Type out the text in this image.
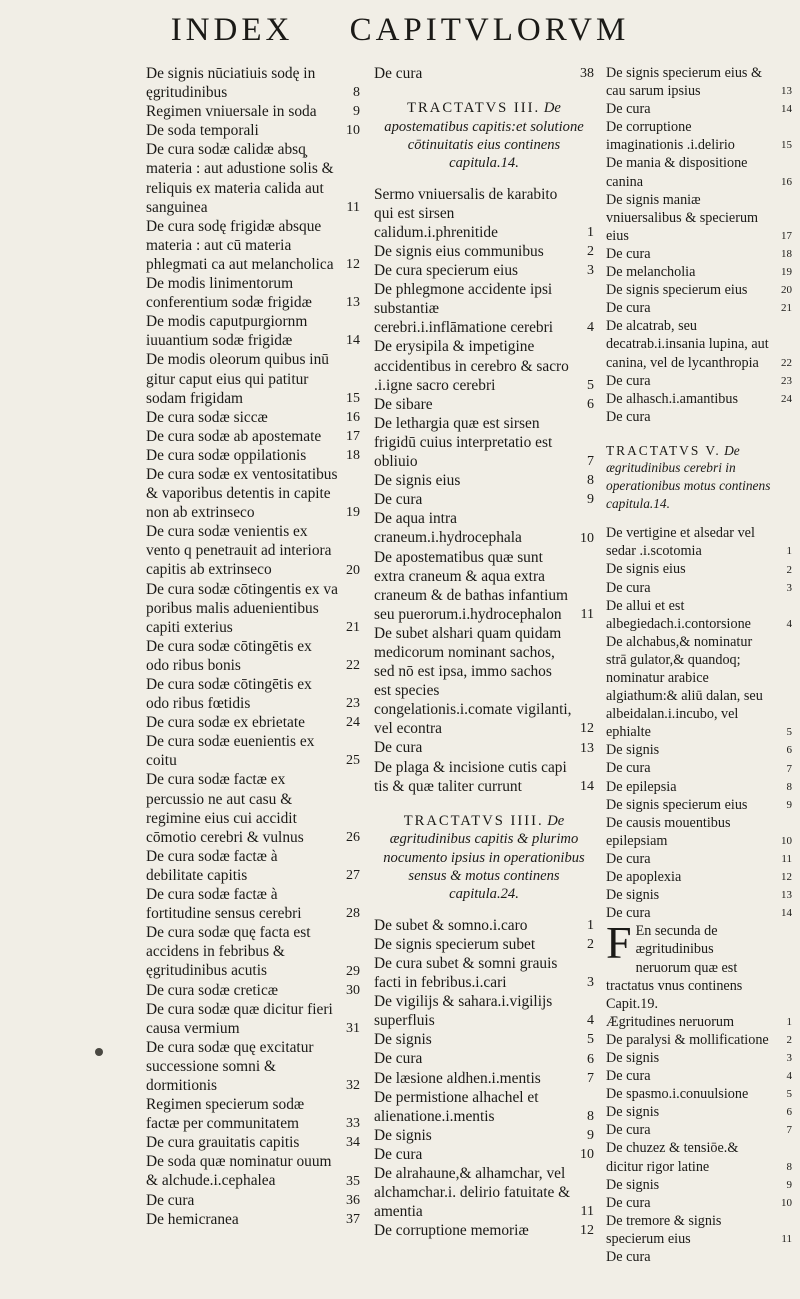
INDEX CAPITVLORVM
De signis nūciatiuis sodę in ęgritudinibus	8
Regimen vniuersale in soda	9
De soda temporali	10
De cura sodæ calidæ absq̧ materia : aut adustione solis & reliquis ex materia calida aut sanguinea	11
De cura sodę frigidæ absque materia : aut cū materia phlegmati ca aut melancholica 12
De modis linimentorum conferentium sodæ frigidæ	13
De modis caputpurgiornm iuuantium sodæ frigidæ	14
De modis oleorum quibus inū gitur caput eius qui patitur sodam frigidam	15
De cura sodæ siccæ	16
De cura sodæ ab apostemate	17
De cura sodæ oppilationis	18
De cura sodæ ex ventositatibus & vaporibus detentis in capite non ab extrinseco	19
De cura sodæ venientis ex vento q penetrauit ad interiora capitis ab extrinseco	20
De cura sodæ cōtingentis ex va poribus malis aduenientibus capiti exterius	21
De cura sodæ cōtingētis ex odo ribus bonis	22
De cura sodæ cōtingētis ex odo ribus fœtidis	23
De cura sodæ ex ebrietate	24
De cura sodæ euenientis ex coitu	25
De cura sodæ factæ ex percussio ne aut casu & regimine eius cui accidit cōmotio cerebri & vulnus	26
De cura sodæ factæ à debilitate capitis	27
De cura sodæ factæ à fortitudine sensus cerebri	28
De cura sodæ quę facta est accidens in febribus & ęgritudinibus acutis	29
De cura sodæ creticæ	30
De cura sodæ quæ dicitur fieri causa vermium	31
De cura sodæ quę excitatur successione somni & dormitionis	32
Regimen specierum sodæ factæ per communitatem	33
De cura grauitatis capitis	34
De soda quæ nominatur ouum & alchude.i.cephalea	35
De cura	36
De hemicranea	37
De cura	38
TRACTATVS III. De apostematibus capitis:et solutione cōtinuitatis eius continens capitula.14.
Sermo vniuersalis de karabito qui est sirsen calidum.i.phrenitide	1
De signis eius communibus	2
De cura specierum eius	3
De phlegmone accidente ipsi substantiæ cerebri.i.inflāmatione cerebri	4
De erysipila & impetigine accidentibus in cerebro & sacro .i.igne sacro cerebri	5
De sibare	6
De lethargia quæ est sirsen frigidū cuius interpretatio est obliuio	7
De signis eius	8
De cura	9
De aqua intra craneum.i.hydrocephala	10
De apostematibus quæ sunt extra craneum & aqua extra craneum & de bathas infantium seu puerorum.i.hydrocephalon	11
De subet alshari quam quidam medicorum nominant sachos, sed nō est ipsa, immo sachos est species congelationis.i.comate vigilanti, vel econtra	12
De cura	13
De plaga & incisione cutis capi tis & quæ taliter currunt	14
TRACTATVS IIII. De ægritudinibus capitis & plurimo nocumento ipsius in operationibus sensus & motus continens capitula.24.
De subet & somno.i.caro	1
De signis specierum subet	2
De cura subet & somni grauis facti in febribus.i.cari	3
De vigilijs & sahara.i.vigilijs superfluis	4
De signis	5
De cura	6
De læsione aldhen.i.mentis	7
De permistione alhachel et alienatione.i.mentis	8
De signis	9
De cura	10
De alrahaune,& alhamchar, vel alchamchar.i. delirio fatuitate & amentia	11
De corruptione memoriæ	12
De signis specierum eius & cau sarum ipsius	13
De cura	14
De corruptione imaginationis .i.delirio	15
De mania & dispositione canina	16
De signis maniæ vniuersalibus & specierum eius	17
De cura	18
De melancholia	19
De signis specierum eius	20
De cura	21
De alcatrab, seu decatrab.i.insania lupina, aut canina, vel de lycanthropia	22
De cura	23
De alhasch.i.amantibus	24
De cura
TRACTATVS V. De ægritudinibus cerebri in operationibus motus continens capitula.14.
De vertigine et alsedar vel sedar .i.scotomia	1
De signis eius	2
De cura	3
De allui et est albegiedach.i.contorsione	4
De alchabus,& nominatur strā gulator,& quandoq; nominatur arabice algiathum:& aliū dalan, seu albeidalan.i.incubo, vel ephialte	5
De signis	6
De cura	7
De epilepsia	8
De signis specierum eius	9
De causis mouentibus epilepsiam	10
De cura	11
De apoplexia	12
De signis	13
De cura	14
F En secunda de ægritudinibus neruorum quæ est tractatus vnus continens Capit.19.
Ægritudines neruorum	1
De paralysi & mollificatione	2
De signis	3
De cura	4
De spasmo.i.conuulsione	5
De signis	6
De cura	7
De chuzez & tensiōe.& dicitur rigor latine	8
De signis	9
De cura	10
De tremore & signis specierum eius	11
De cura
